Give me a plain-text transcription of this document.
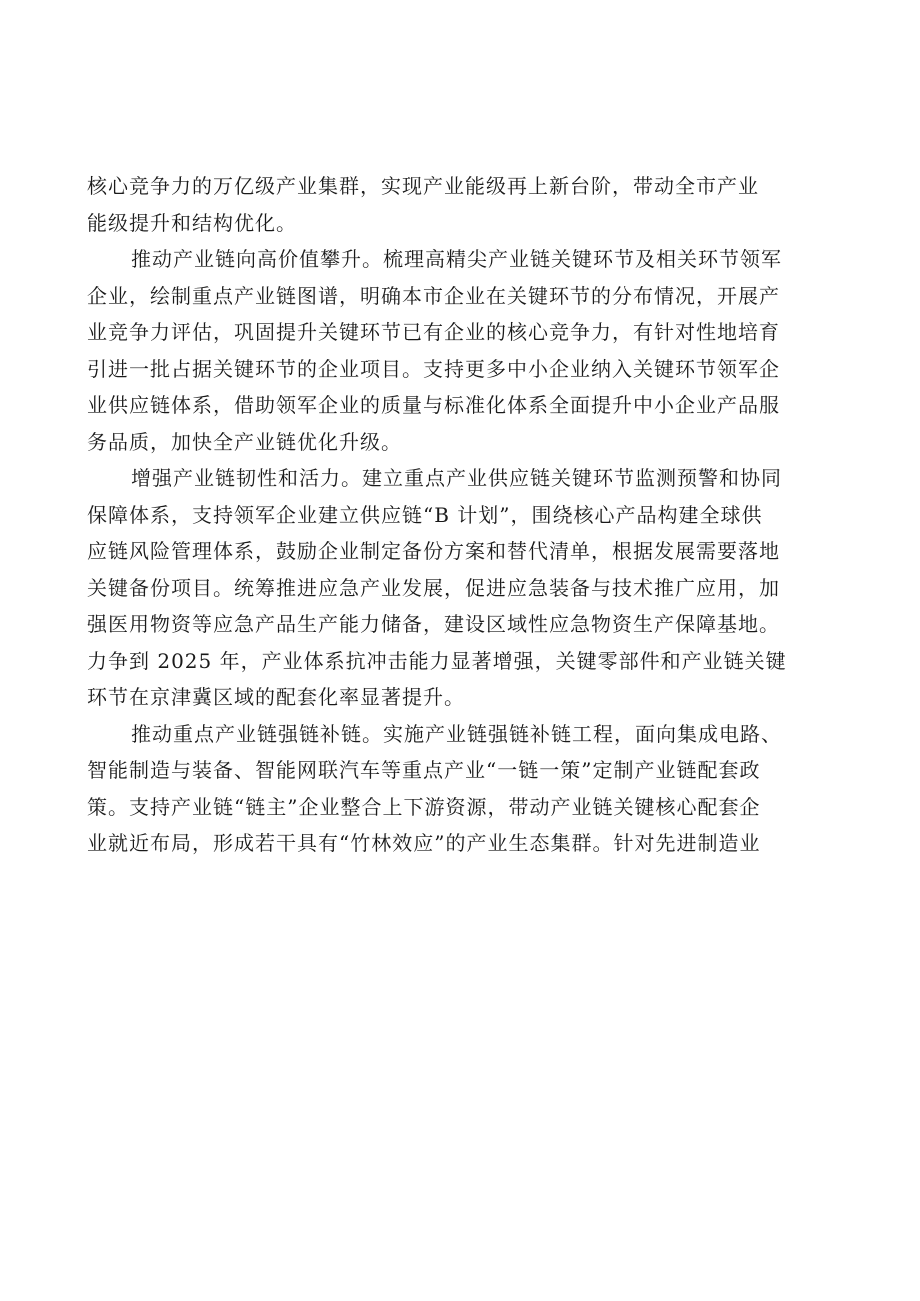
核心竞争力的万亿级产业集群，实现产业能级再上新台阶，带动全市产业
能级提升和结构优化。
推动产业链向高价值攀升。梳理高精尖产业链关键环节及相关环节领军
企业，绘制重点产业链图谱，明确本市企业在关键环节的分布情况，开展产
业竞争力评估，巩固提升关键环节已有企业的核心竞争力，有针对性地培育
引进一批占据关键环节的企业项目。支持更多中小企业纳入关键环节领军企
业供应链体系，借助领军企业的质量与标准化体系全面提升中小企业产品服
务品质，加快全产业链优化升级。
增强产业链韧性和活力。建立重点产业供应链关键环节监测预警和协同
保障体系，支持领军企业建立供应链“B 计划”，围绕核心产品构建全球供
应链风险管理体系，鼓励企业制定备份方案和替代清单，根据发展需要落地
关键备份项目。统筹推进应急产业发展，促进应急装备与技术推广应用，加
强医用物资等应急产品生产能力储备，建设区域性应急物资生产保障基地。
力争到 2025 年，产业体系抗冲击能力显著增强，关键零部件和产业链关键
环节在京津冀区域的配套化率显著提升。
推动重点产业链强链补链。实施产业链强链补链工程，面向集成电路、
智能制造与装备、智能网联汽车等重点产业“一链一策”定制产业链配套政
策。支持产业链“链主”企业整合上下游资源，带动产业链关键核心配套企
业就近布局，形成若干具有“竹林效应”的产业生态集群。针对先进制造业
